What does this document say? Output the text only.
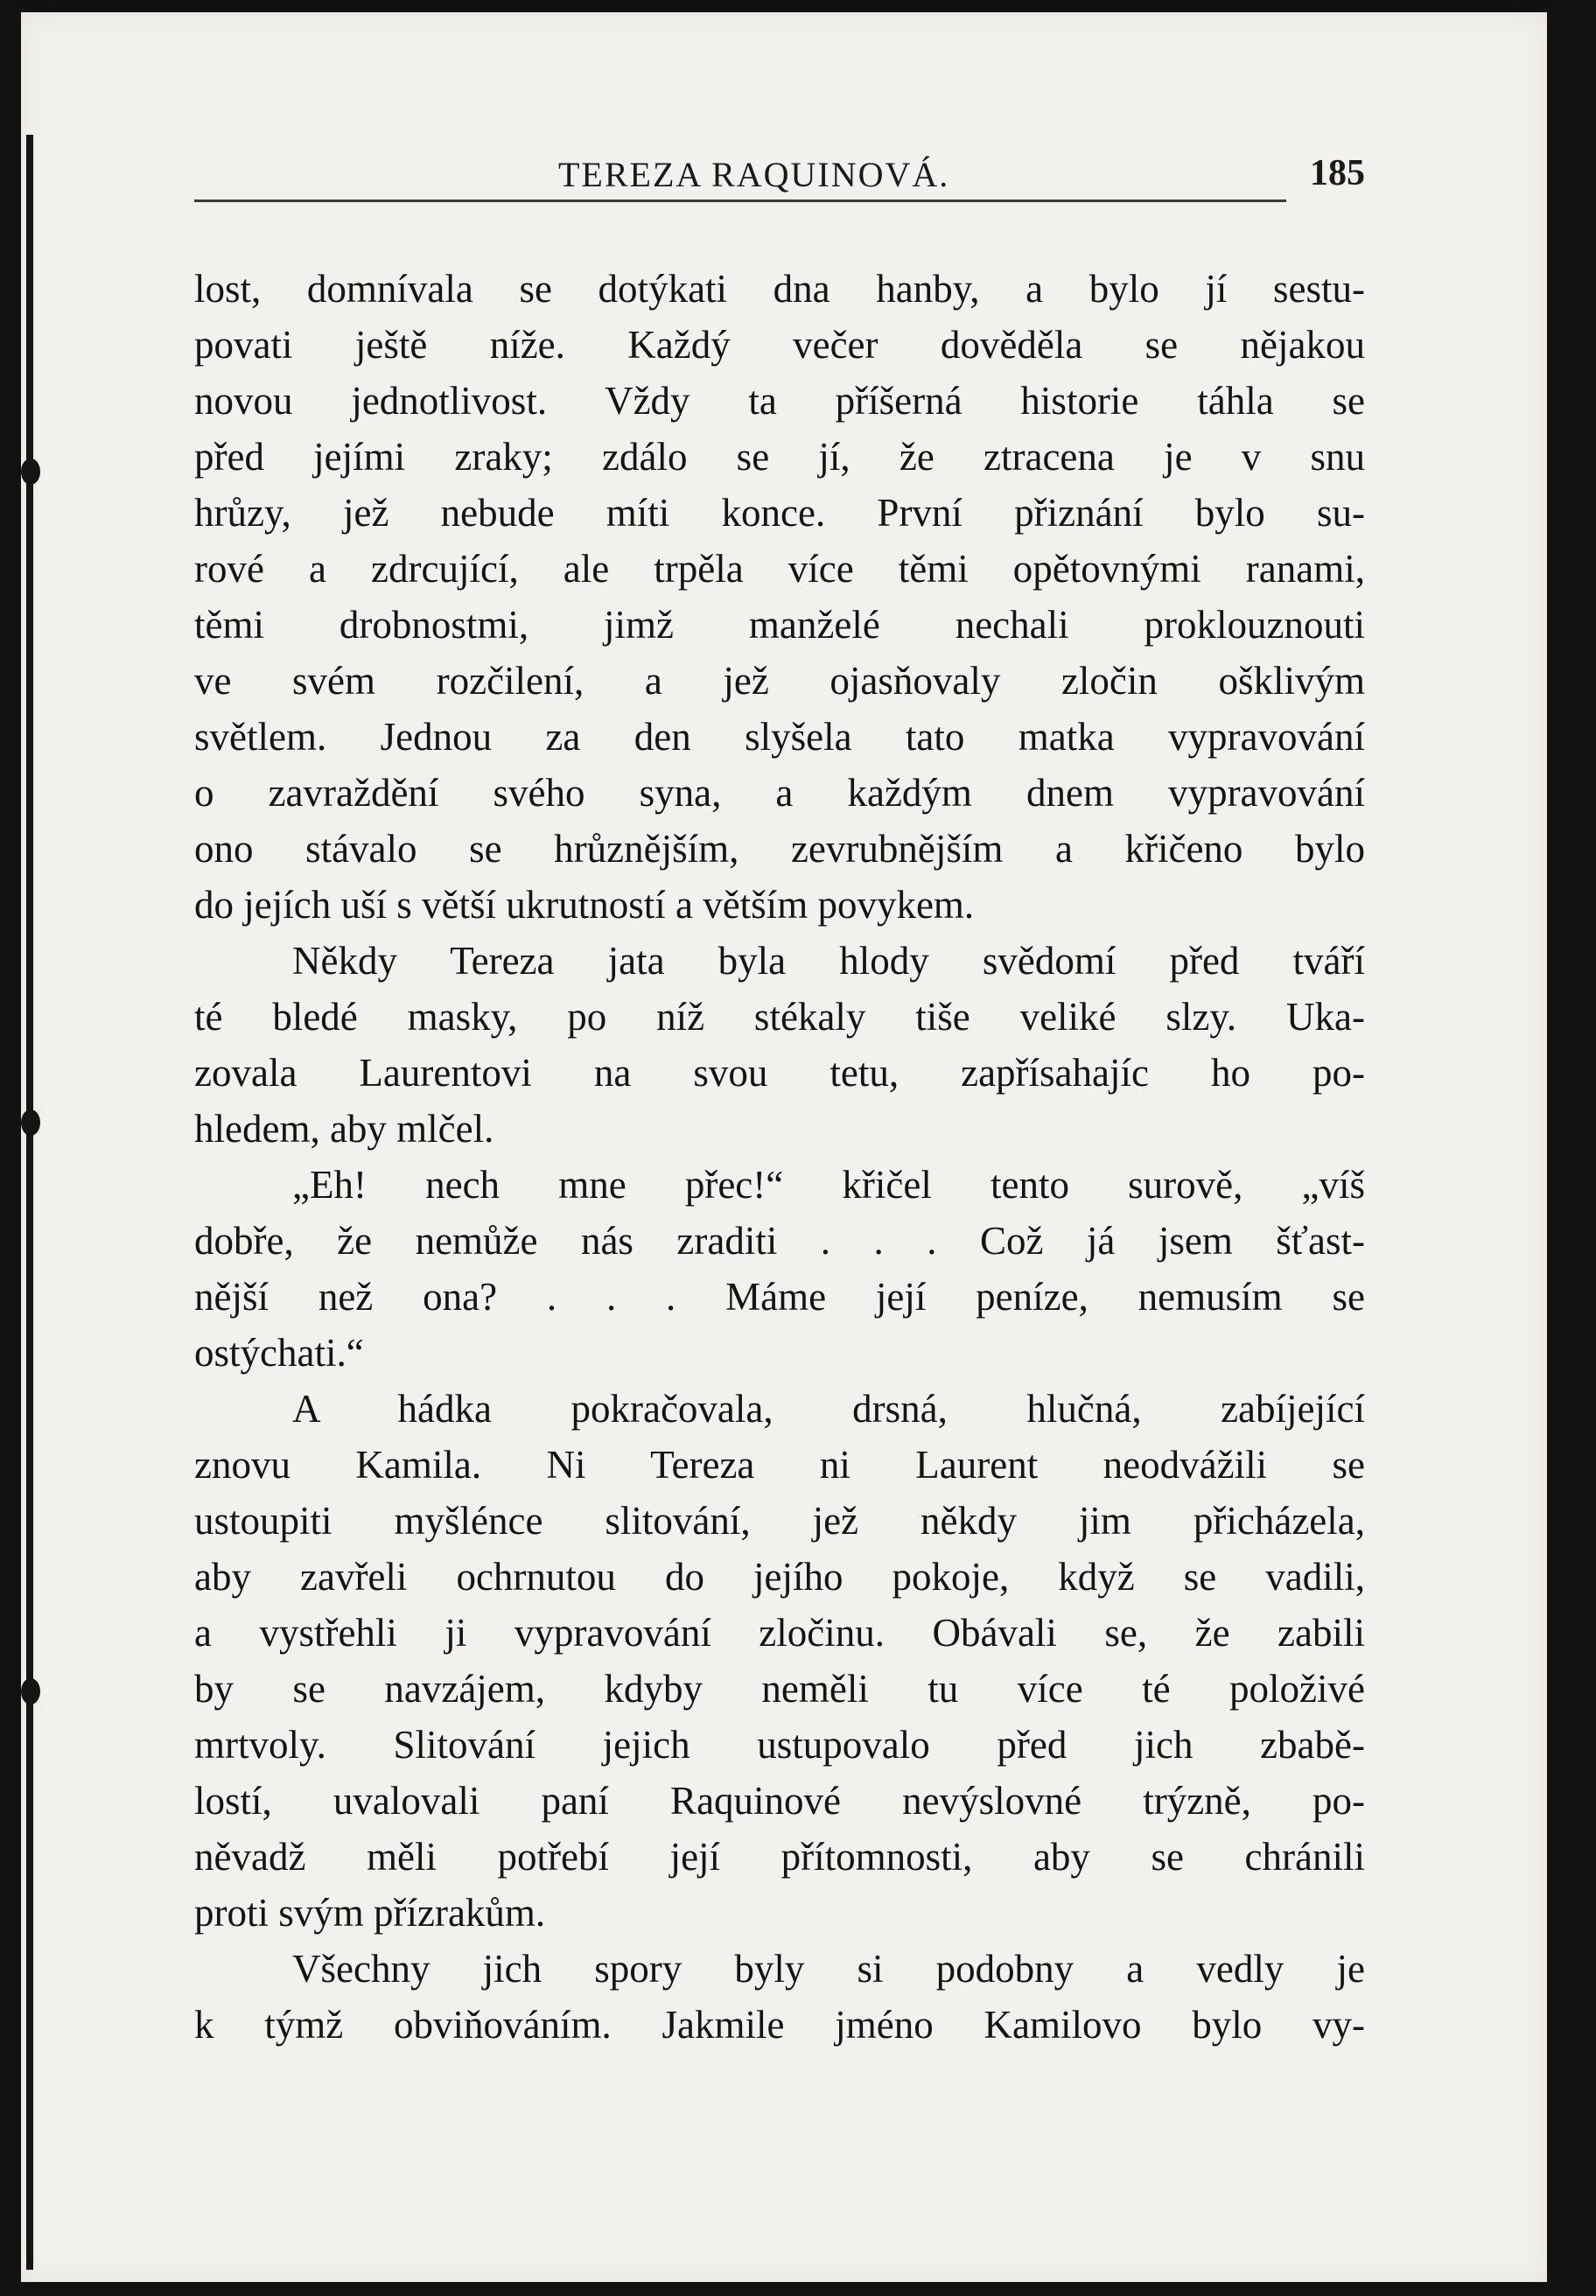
TEREZA RAQUINOVÁ.	185
lost, domnívala se dotýkati dna hanby, a bylo jí sestu-
povati ještě níže. Každý večer dověděla se nějakou
novou jednotlivost. Vždy ta příšerná historie táhla se
před jejími zraky; zdálo se jí, že ztracena je v snu
hrůzy, jež nebude míti konce. První přiznání bylo su-
rové a zdrcující, ale trpěla více těmi opětovnými ranami,
těmi drobnostmi, jimž manželé nechali proklouznouti
ve svém rozčilení, a jež ojasňovaly zločin ošklivým
světlem. Jednou za den slyšela tato matka vypravování
o zavraždění svého syna, a každým dnem vypravování
ono stávalo se hrůznějším, zevrubnějším a křičeno bylo
do jejích uší s větší ukrutností a větším povykem.
Někdy Tereza jata byla hlody svědomí před tváří
té bledé masky, po níž stékaly tiše veliké slzy. Uka-
zovala Laurentovi na svou tetu, zapřísahajíc ho po-
hledem, aby mlčel.
„Eh! nech mne přec!“ křičel tento surově, „víš
dobře, že nemůže nás zraditi . . . Což já jsem šťast-
nější než ona? . . . Máme její peníze, nemusím se
ostýchati.“
A hádka pokračovala, drsná, hlučná, zabíjející
znovu Kamila. Ni Tereza ni Laurent neodvážili se
ustoupiti myšlénce slitování, jež někdy jim přicházela,
aby zavřeli ochrnutou do jejího pokoje, když se vadili,
a vystřehli ji vypravování zločinu. Obávali se, že zabili
by se navzájem, kdyby neměli tu více té položivé
mrtvoly. Slitování jejich ustupovalo před jich zbabě-
lostí, uvalovali paní Raquinové nevýslovné trýzně, po-
něvadž měli potřebí její přítomnosti, aby se chránili
proti svým přízrakům.
Všechny jich spory byly si podobny a vedly je
k týmž obviňováním. Jakmile jméno Kamilovo bylo vy-
